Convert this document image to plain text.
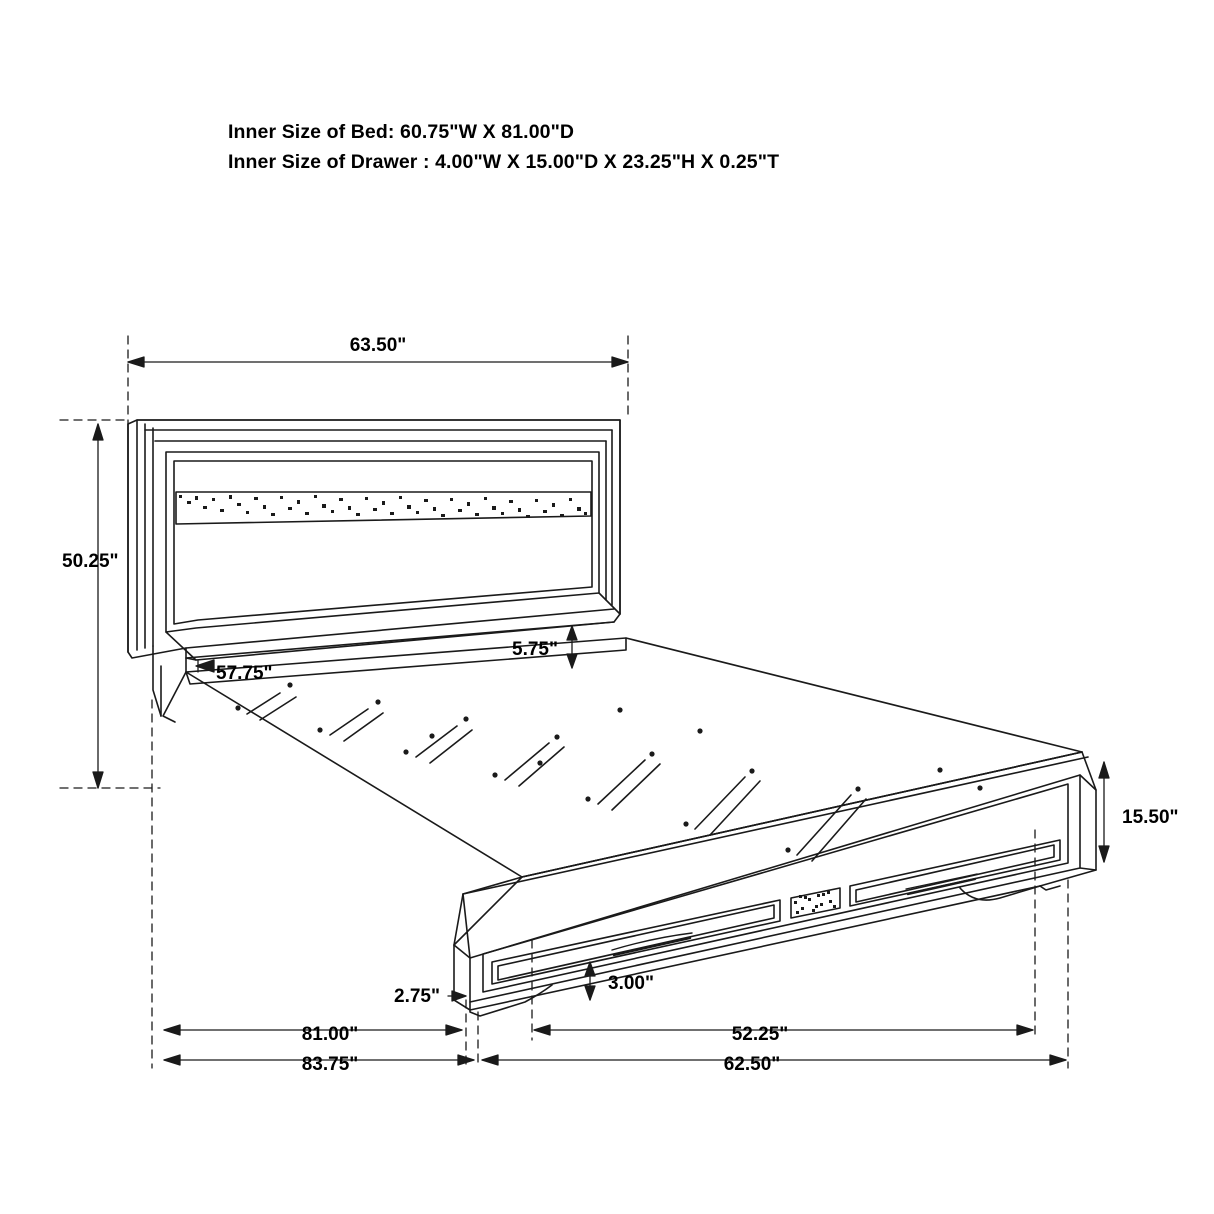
Inner Size of Bed: 60.75"W X 81.00"D
Inner Size of Drawer : 4.00"W X 15.00"D X 23.25"H X 0.25"T
63.50"
50.25"
57.75"
5.75"
15.50"
3.00"
2.75"
81.00"
83.75"
52.25"
62.50"
